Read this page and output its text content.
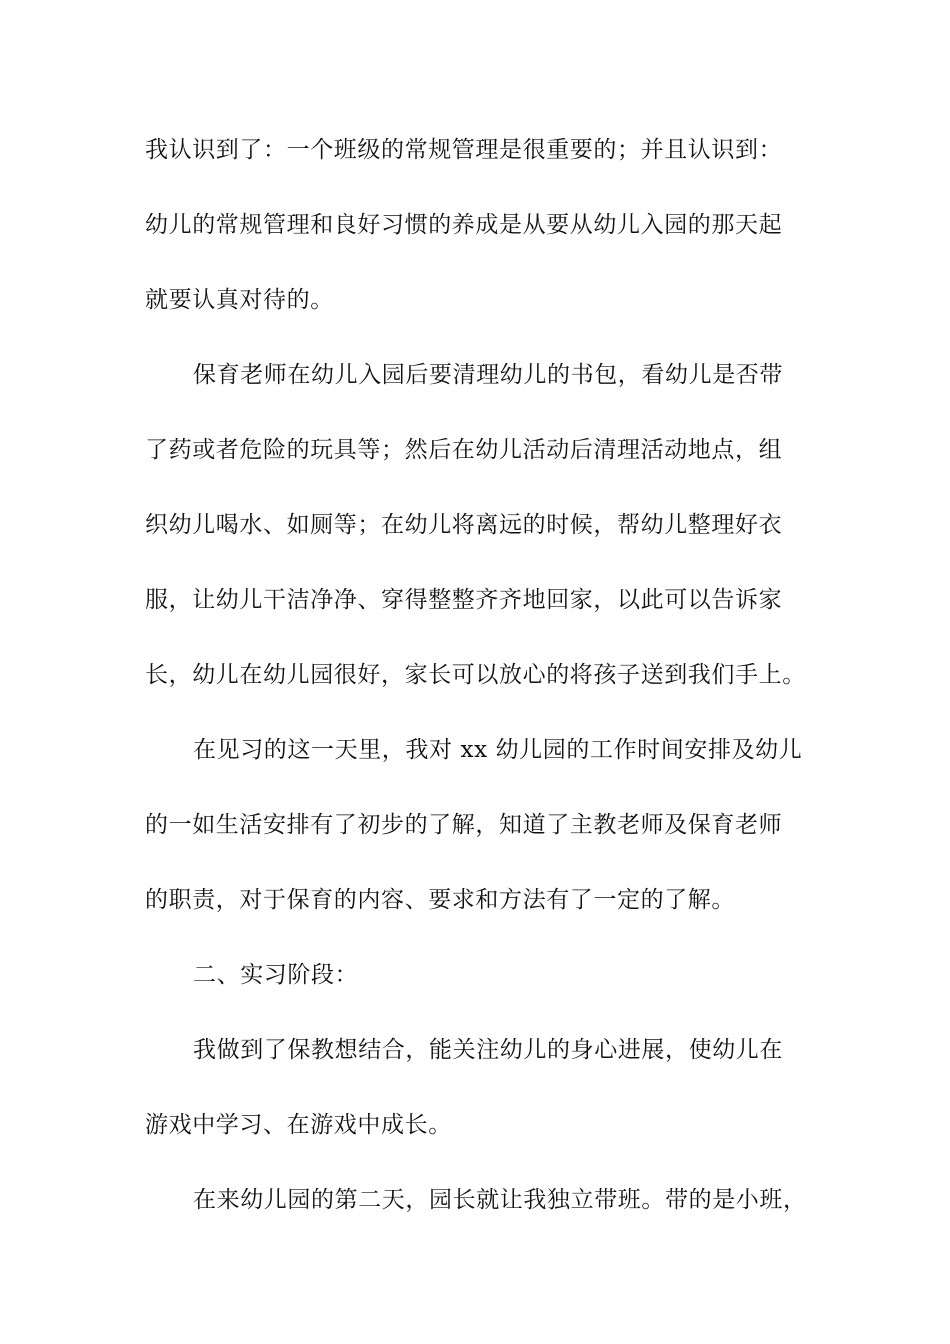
我认识到了：一个班级的常规管理是很重要的；并且认识到：
幼儿的常规管理和良好习惯的养成是从要从幼儿入园的那天起
就要认真对待的。
保育老师在幼儿入园后要清理幼儿的书包，看幼儿是否带
了药或者危险的玩具等；然后在幼儿活动后清理活动地点，组
织幼儿喝水、如厕等；在幼儿将离远的时候，帮幼儿整理好衣
服，让幼儿干洁净净、穿得整整齐齐地回家，以此可以告诉家
长，幼儿在幼儿园很好，家长可以放心的将孩子送到我们手上。
在见习的这一天里，我对 xx 幼儿园的工作时间安排及幼儿
的一如生活安排有了初步的了解，知道了主教老师及保育老师
的职责，对于保育的内容、要求和方法有了一定的了解。
二、实习阶段：
我做到了保教想结合，能关注幼儿的身心进展，使幼儿在
游戏中学习、在游戏中成长。
在来幼儿园的第二天，园长就让我独立带班。带的是小班，
